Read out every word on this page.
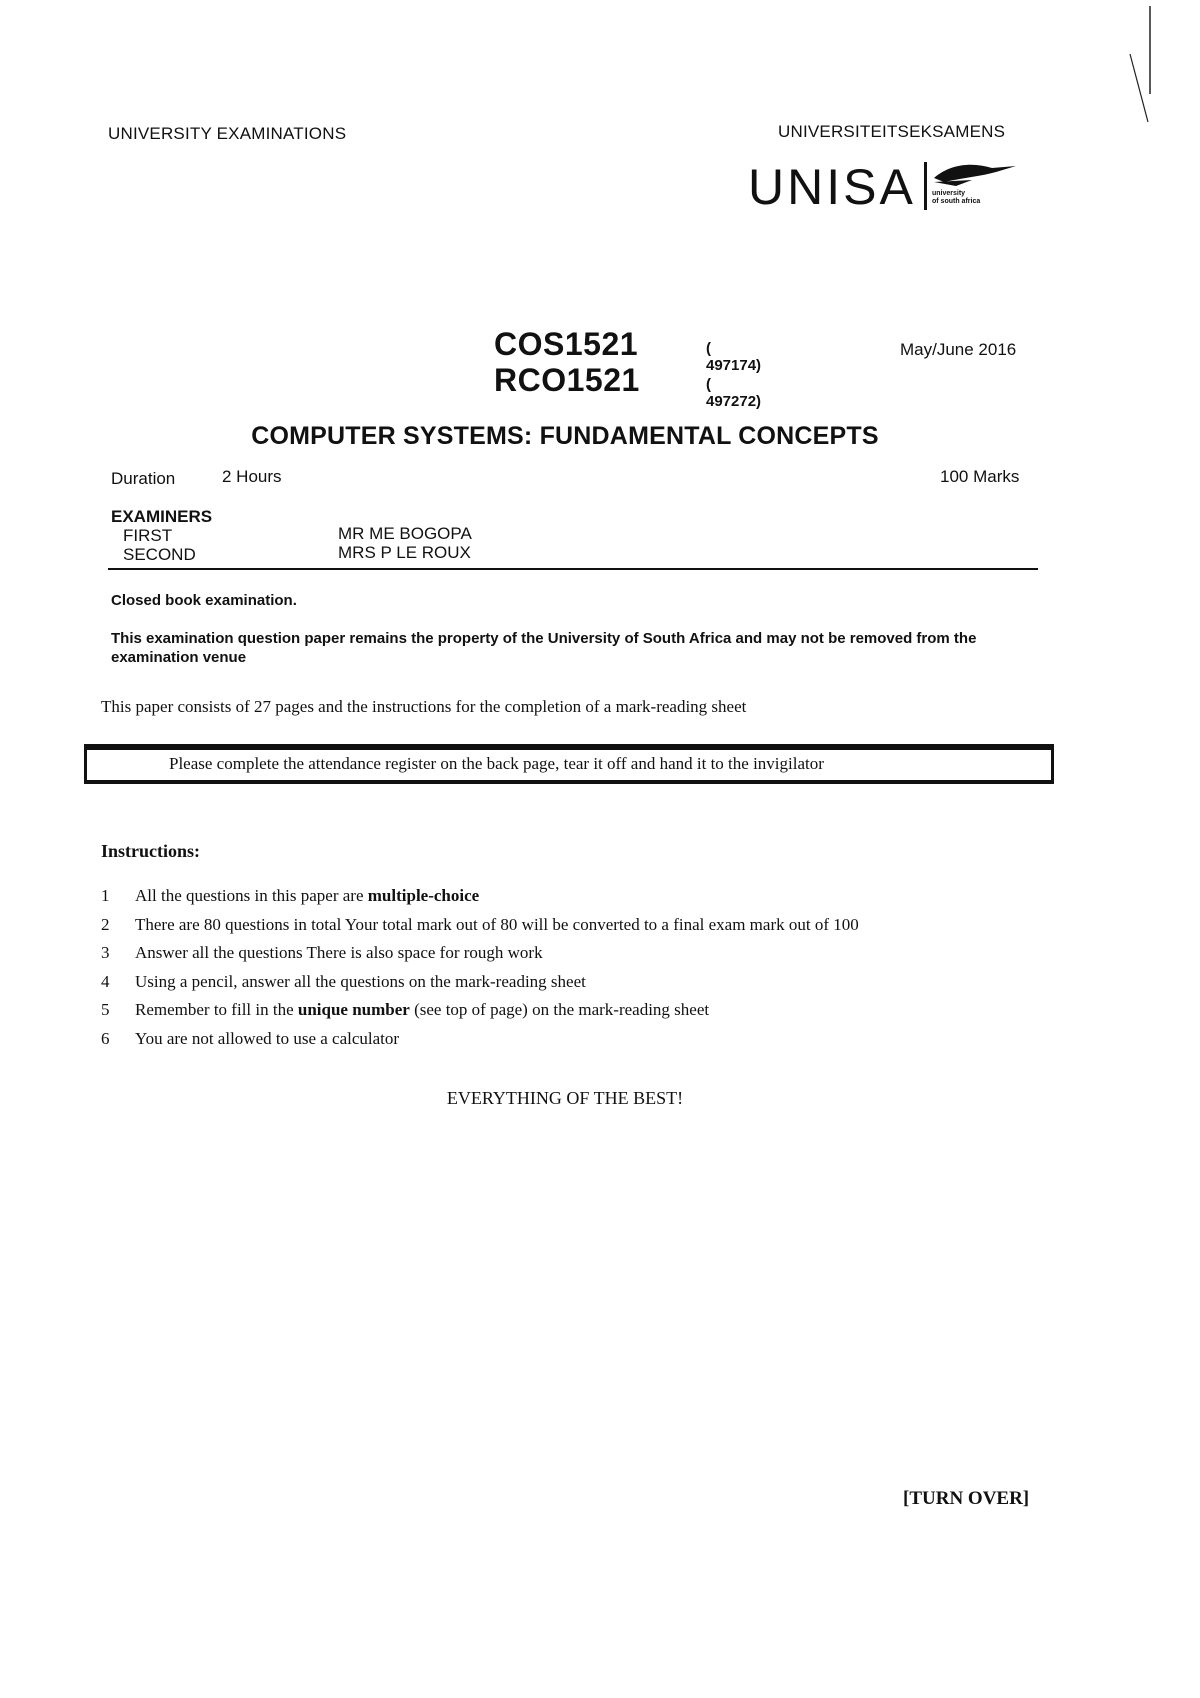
UNIVERSITY EXAMINATIONS	UNIVERSITEITSEKSAMENS
UNISA university
of south africa
COS1521	( 497174)
RCO1521	( 497272)
May/June 2016
COMPUTER SYSTEMS: FUNDAMENTAL CONCEPTS
Duration	2 Hours	100 Marks
EXAMINERS
FIRST	MR ME BOGOPA
SECOND	MRS P LE ROUX
Closed book examination.
This examination question paper remains the property of the University of South Africa and may not be removed from the examination venue
This paper consists of 27 pages and the instructions for the completion of a mark-reading sheet
Please complete the attendance register on the back page, tear it off and hand it to the invigilator
Instructions:
1 All the questions in this paper are multiple-choice
2 There are 80 questions in total Your total mark out of 80 will be converted to a final exam mark out of 100
3 Answer all the questions There is also space for rough work
4 Using a pencil, answer all the questions on the mark-reading sheet
5 Remember to fill in the unique number (see top of page) on the mark-reading sheet
6 You are not allowed to use a calculator
EVERYTHING OF THE BEST!
[TURN OVER]
